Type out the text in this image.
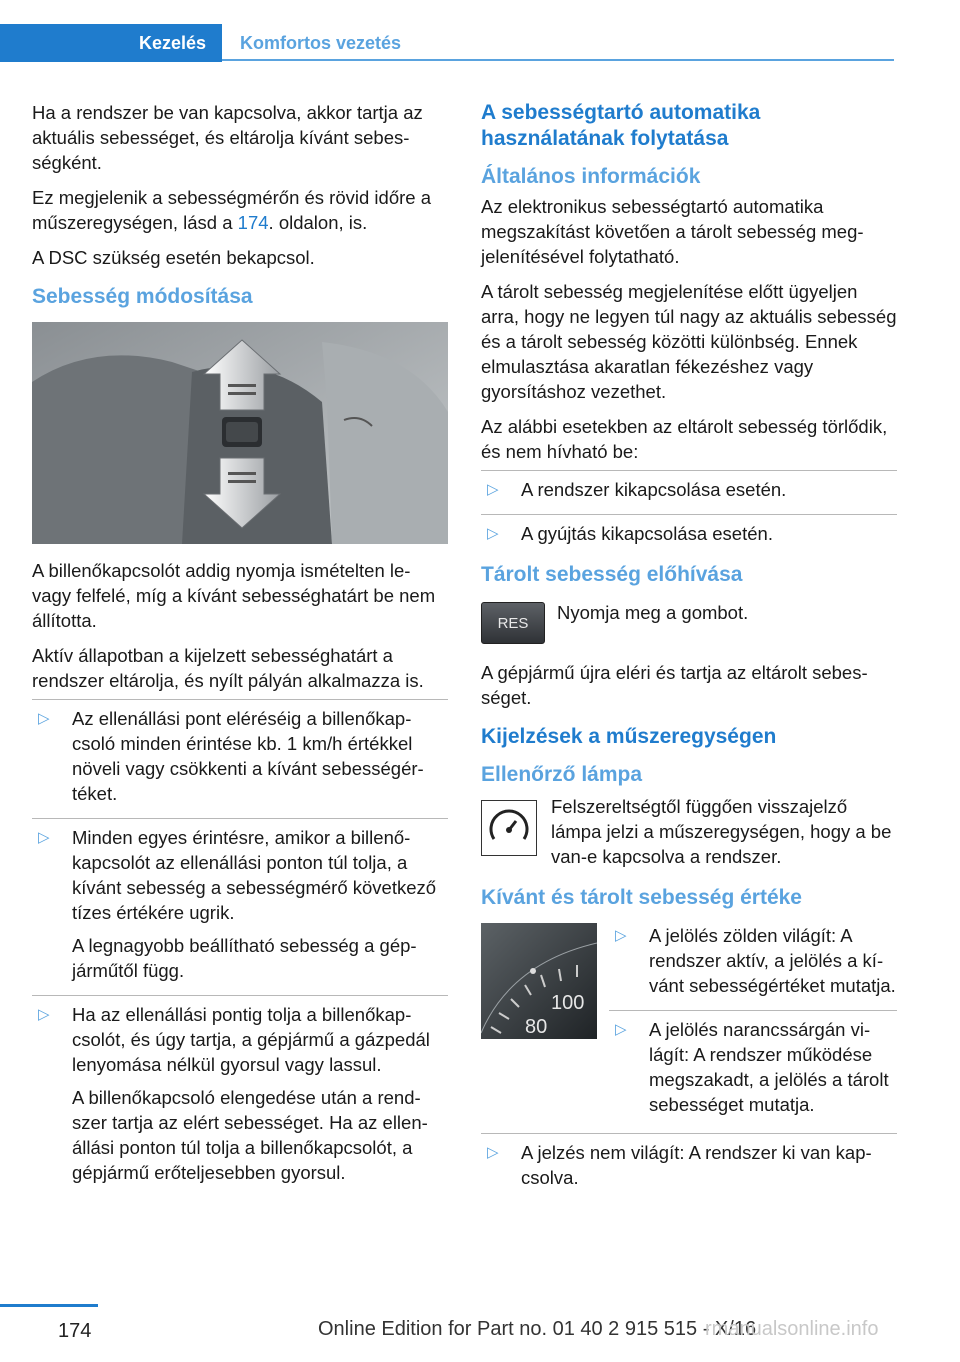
Kezelés Komfortos vezetés

Ha a rendszer be van kapcsolva, akkor tartja az aktuális sebességet, és eltárolja kívánt sebességként.

Ez megjelenik a sebességmérőn és rövid időre a műszeregységen, lásd a 174. oldalon, is.

A DSC szükség esetén bekapcsol.

Sebesség módosítása

A billenőkapcsolót addig nyomja ismételten le- vagy felfelé, míg a kívánt sebességhatárt be nem állította.

Aktív állapotban a kijelzett sebességhatárt a rendszer eltárolja, és nyílt pályán alkalmazza is.

▷	Az ellenállási pont eléréséig a billenőkapcsoló minden érintése kb. 1 km/h értékkel növeli vagy csökkenti a kívánt sebességértéket.

▷	Minden egyes érintésre, amikor a billenőkapcsolót az ellenállási ponton túl tolja, a kívánt sebesség a sebességmérő következő tízes értékére ugrik.

A legnagyobb beállítható sebesség a gépjárműtől függ.

▷	Ha az ellenállási pontig tolja a billenőkapcsolót, és úgy tartja, a gépjármű a gázpedál lenyomása nélkül gyorsul vagy lassul.

A billenőkapcsoló elengedése után a rendszer tartja az elért sebességet. Ha az ellenállási ponton túl tolja a billenőkapcsolót, a gépjármű erőteljesebben gyorsul.

A sebességtartó automatika használatának folytatása
Általános információk

Az elektronikus sebességtartó automatika megszakítást követően a tárolt sebesség megjelenítésével folytatható.

A tárolt sebesség megjelenítése előtt ügyeljen arra, hogy ne legyen túl nagy az aktuális sebesség és a tárolt sebesség közötti különbség. Ennek elmulasztása akaratlan fékezéshez vagy gyorsításhoz vezethet.

Az alábbi esetekben az eltárolt sebesség törlődik, és nem hívható be:

▷	A rendszer kikapcsolása esetén.

▷	A gyújtás kikapcsolása esetén.

Tárolt sebesség előhívása
RES Nyomja meg a gombot.

A gépjármű újra eléri és tartja az eltárolt sebességet.

Kijelzések a műszeregységen
Ellenőrző lámpa
Felszereltségtől függően visszajelző lámpa jelzi a műszeregységen, hogy a be van-e kapcsolva a rendszer.
Kívánt és tárolt sebesség értéke
100
80
▷	A jelölés zölden világít: A rendszer aktív, a jelölés a kívánt sebességértéket mutatja.

▷	A jelölés narancssárgán világít: A rendszer működése megszakadt, a jelölés a tárolt sebességet mutatja.

▷	A jelzés nem világít: A rendszer ki van kapcsolva.

174	Online Edition for Part no. 01 40 2 915 515 - X/16
rmanualsonline.info
